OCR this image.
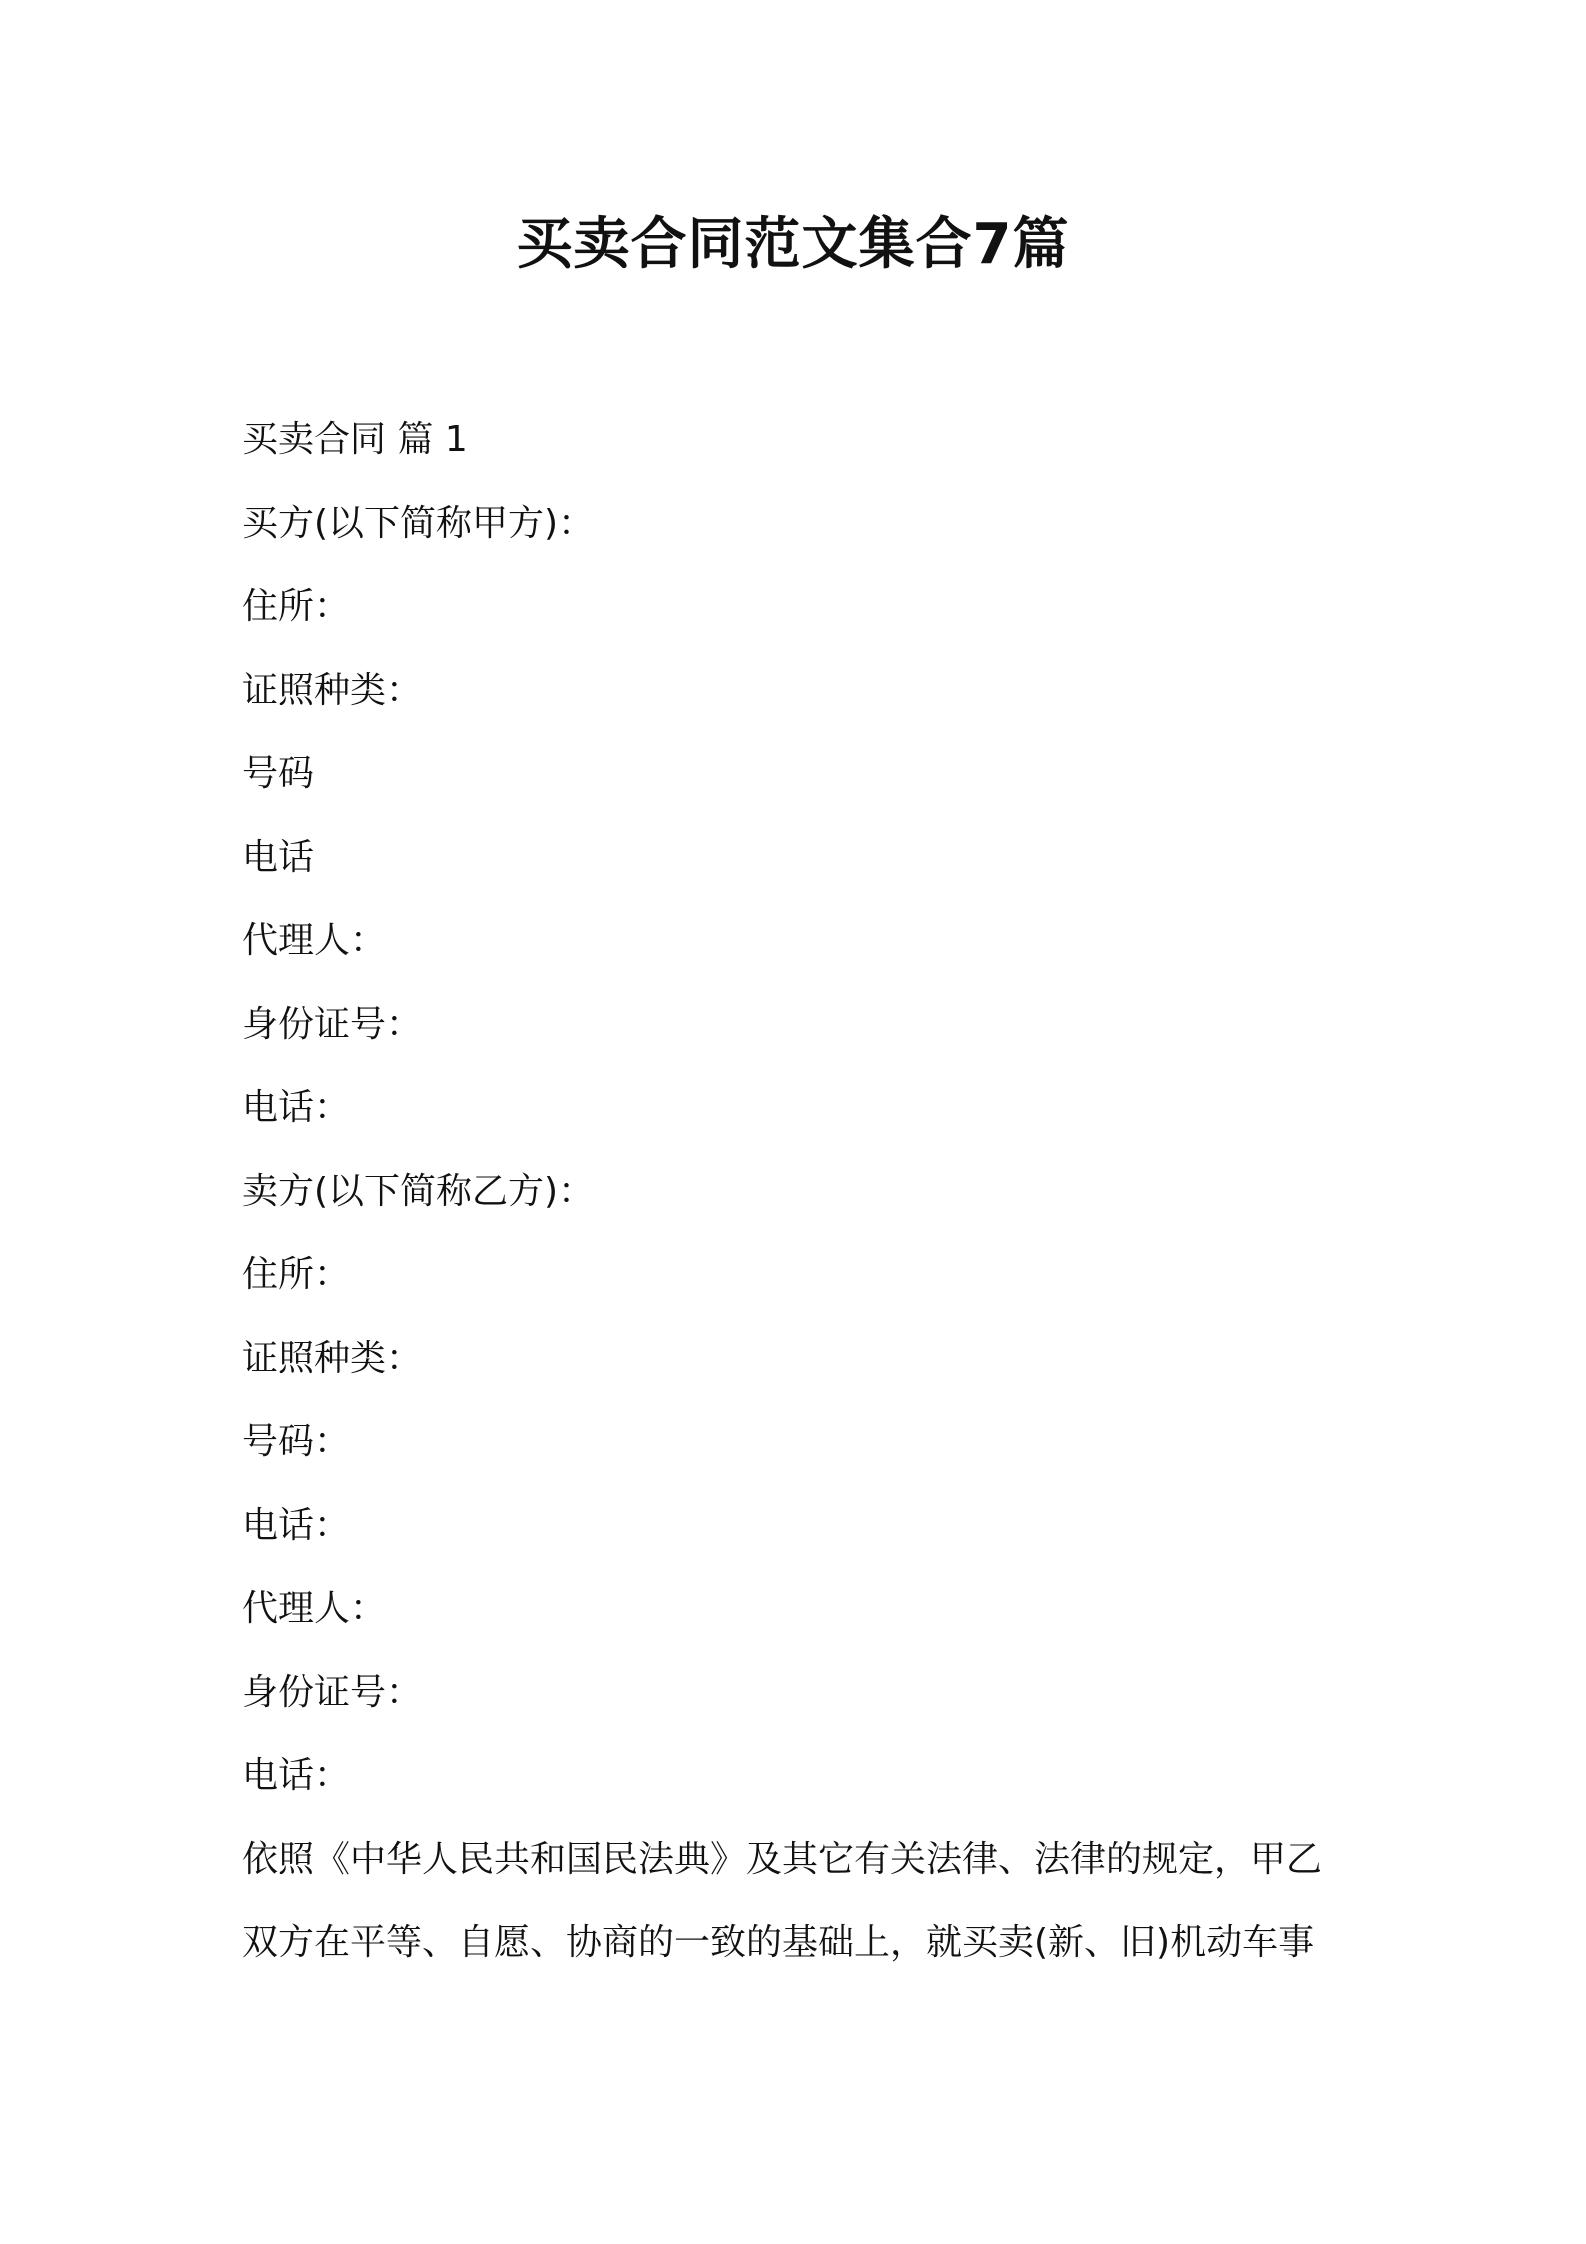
买卖合同范文集合7篇
买卖合同 篇 1
买方(以下简称甲方)：
住所：
证照种类：
号码
电话
代理人：
身份证号：
电话：
卖方(以下简称乙方)：
住所：
证照种类：
号码：
电话：
代理人：
身份证号：
电话：
依照《中华人民共和国民法典》及其它有关法律、法律的规定，甲乙
双方在平等、自愿、协商的一致的基础上，就买卖(新、旧)机动车事
